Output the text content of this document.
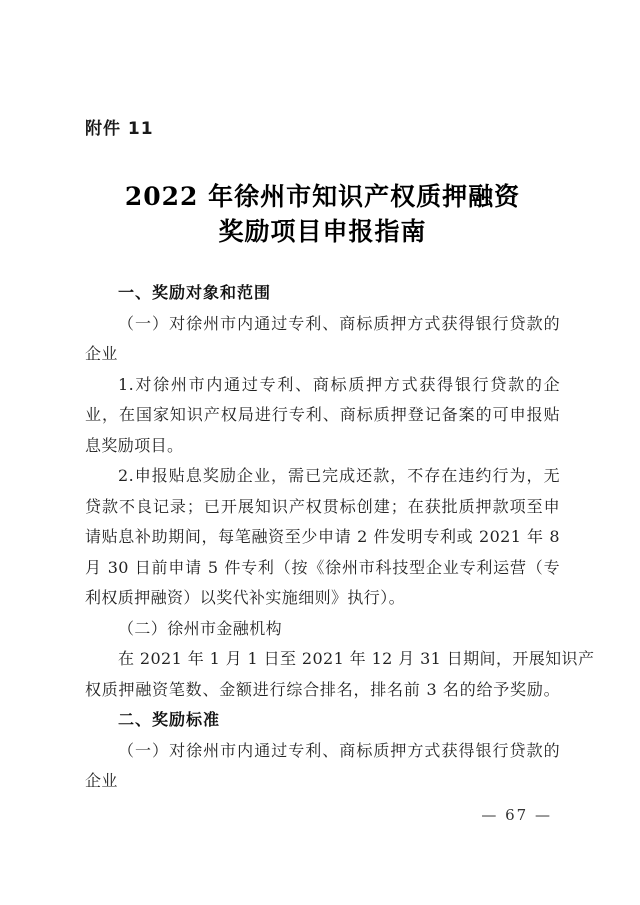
附件 11
2022 年徐州市知识产权质押融资
奖励项目申报指南
一、奖励对象和范围
（一）对徐州市内通过专利、商标质押方式获得银行贷款的
企业
1.对徐州市内通过专利、商标质押方式获得银行贷款的企
业，在国家知识产权局进行专利、商标质押登记备案的可申报贴
息奖励项目。
2.申报贴息奖励企业，需已完成还款，不存在违约行为，无
贷款不良记录；已开展知识产权贯标创建；在获批质押款项至申
请贴息补助期间，每笔融资至少申请 2 件发明专利或 2021 年 8
月 30 日前申请 5 件专利（按《徐州市科技型企业专利运营（专
利权质押融资）以奖代补实施细则》执行）。
（二）徐州市金融机构
在 2021 年 1 月 1 日至 2021 年 12 月 31 日期间，开展知识产
权质押融资笔数、金额进行综合排名，排名前 3 名的给予奖励。
二、奖励标准
（一）对徐州市内通过专利、商标质押方式获得银行贷款的
企业
— 67 —
